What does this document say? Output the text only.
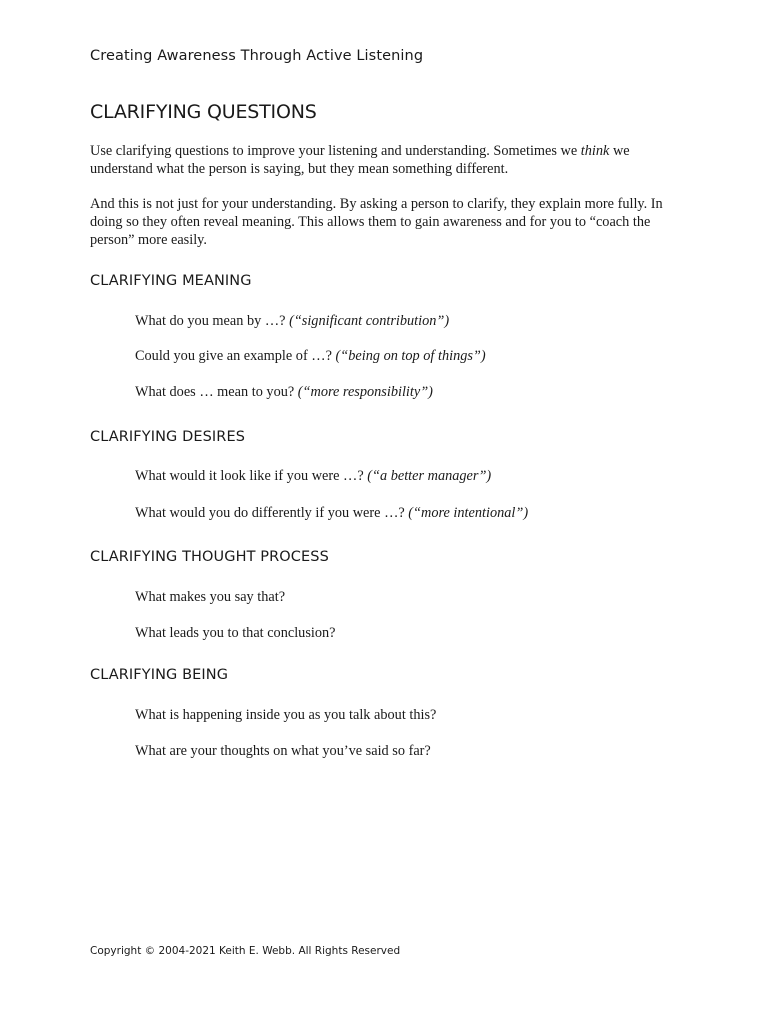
Creating Awareness Through Active Listening
CLARIFYING QUESTIONS

Use clarifying questions to improve your listening and understanding. Sometimes we think we understand what the person is saying, but they mean something different.

And this is not just for your understanding. By asking a person to clarify, they explain more fully. In doing so they often reveal meaning. This allows them to gain awareness and for you to “coach the person” more easily.

CLARIFYING MEANING

What do you mean by …? (“significant contribution”)

Could you give an example of …? (“being on top of things”)

What does … mean to you? (“more responsibility”)

CLARIFYING DESIRES

What would it look like if you were …? (“a better manager”)

What would you do differently if you were …? (“more intentional”)

CLARIFYING THOUGHT PROCESS

What makes you say that?

What leads you to that conclusion?

CLARIFYING BEING

What is happening inside you as you talk about this?

What are your thoughts on what you’ve said so far?

Copyright © 2004-2021 Keith E. Webb. All Rights Reserved
